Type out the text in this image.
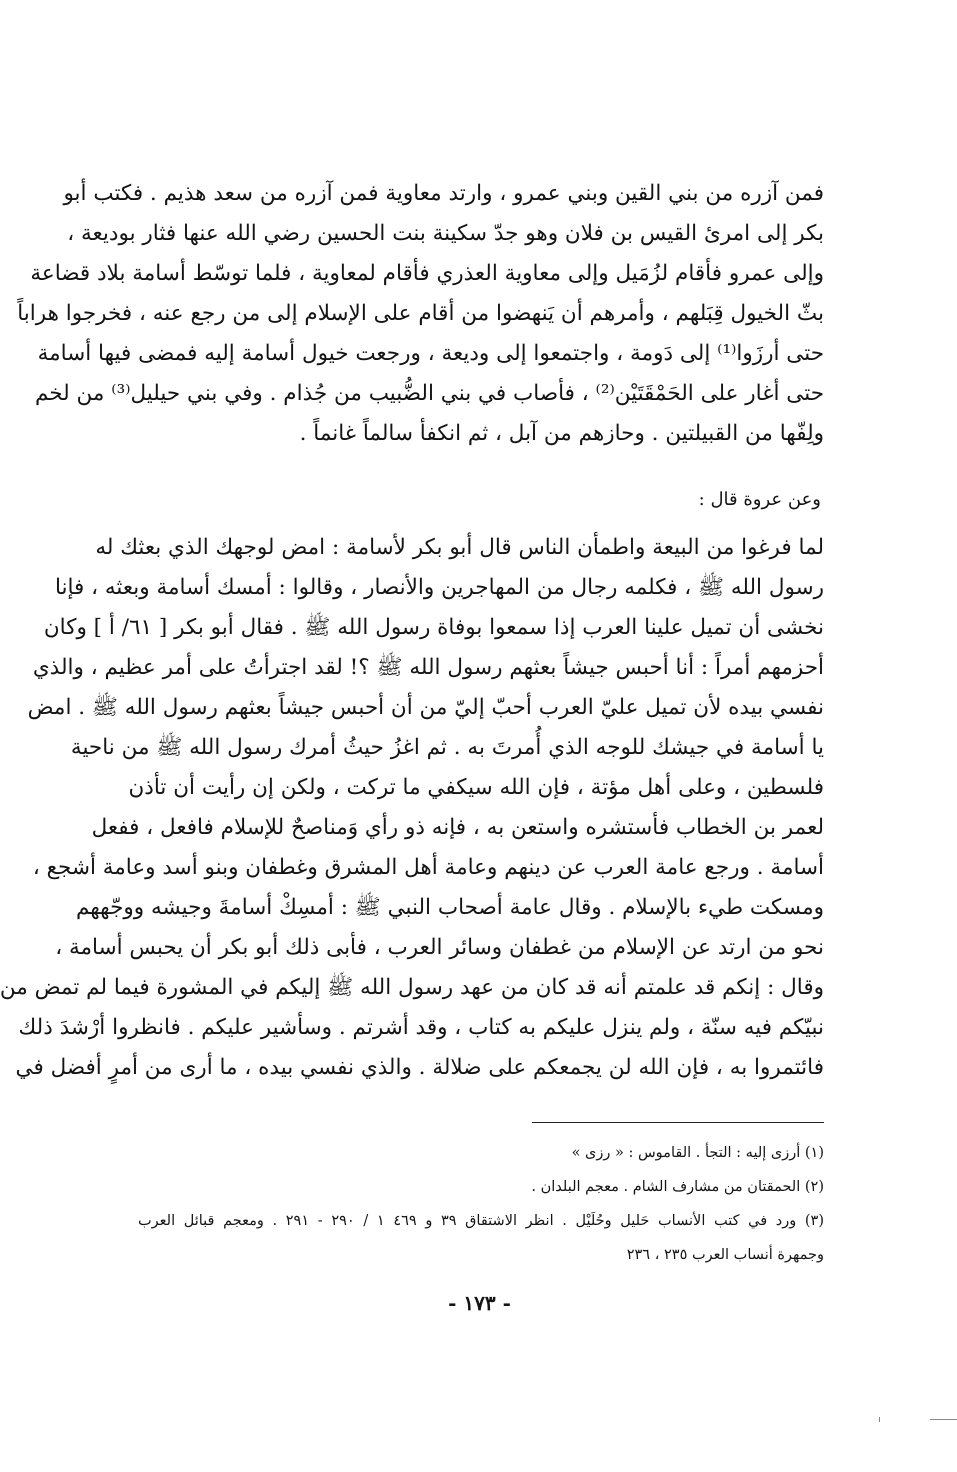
فمن آزره من بني القين وبني عمرو ، وارتد معاوية فمن آزره من سعد هذيم . فكتب أبو
بكر إلى امرئ القيس بن فلان وهو جدّ سكينة بنت الحسين رضي الله عنها فثار بوديعة ،
وإلى عمرو فأقام لزُمَيل وإلى معاوية العذري فأقام لمعاوية ، فلما توسّط أسامة بلاد قضاعة
بثّ الخيول قِبَلهم ، وأمرهم أن يَنهضوا من أقام على الإسلام إلى من رجع عنه ، فخرجوا هراباً
حتى أرزَوا⁽¹⁾ إلى دَومة ، واجتمعوا إلى وديعة ، ورجعت خيول أسامة إليه فمضى فيها أسامة
حتى أغار على الحَمْقَتَيْن⁽²⁾ ، فأصاب في بني الضُّبيب من جُذام . وفي بني حيليل⁽³⁾ من لخم
ولِفّها من القبيلتين . وحازهم من آبل ، ثم انكفأ سالماً غانماً .
وعن عروة قال :
لما فرغوا من البيعة واطمأن الناس قال أبو بكر لأسامة : امض لوجهك الذي بعثك له
رسول الله ﷺ ، فكلمه رجال من المهاجرين والأنصار ، وقالوا : أمسك أسامة وبعثه ، فإنا
نخشى أن تميل علينا العرب إذا سمعوا بوفاة رسول الله ﷺ . فقال أبو بكر [ ٦١/ أ ] وكان
أحزمهم أمراً : أنا أحبس جيشاً بعثهم رسول الله ﷺ ؟! لقد اجترأتُ على أمر عظيم ، والذي
نفسي بيده لأن تميل عليّ العرب أحبّ إليّ من أن أحبس جيشاً بعثهم رسول الله ﷺ . امض
يا أسامة في جيشك للوجه الذي أُمرتَ به . ثم اغزُ حيثُ أمرك رسول الله ﷺ من ناحية
فلسطين ، وعلى أهل مؤتة ، فإن الله سيكفي ما تركت ، ولكن إن رأيت أن تأذن
لعمر بن الخطاب فأستشره واستعن به ، فإنه ذو رأي وَمناصحٌ للإسلام فافعل ، ففعل
أسامة . ورجع عامة العرب عن دينهم وعامة أهل المشرق وغطفان وبنو أسد وعامة أشجع ،
ومسكت طيء بالإسلام . وقال عامة أصحاب النبي ﷺ : أمسِكْ أسامةَ وجيشه ووجّههم
نحو من ارتد عن الإسلام من غطفان وسائر العرب ، فأبى ذلك أبو بكر أن يحبس أسامة ،
وقال : إنكم قد علمتم أنه قد كان من عهد رسول الله ﷺ إليكم في المشورة فيما لم تمض من
نبيّكم فيه سنّة ، ولم ينزل عليكم به كتاب ، وقد أشرتم . وسأشير عليكم . فانظروا أرْشدَ ذلك
فائتمروا به ، فإن الله لن يجمعكم على ضلالة . والذي نفسي بيده ، ما أرى من أمرٍ أفضل في
(١) أرزى إليه : التجأ . القاموس : « رزى »
(٢) الحمقتان من مشارف الشام . معجم البلدان .
(٣) ورد في كتب الأنساب حَليل وحُلَيْل . انظر الاشتقاق ٣٩ و ٤٦٩ ١ / ٢٩٠ - ٢٩١ . ومعجم قبائل العرب
وجمهرة أنساب العرب ٢٣٥ ، ٢٣٦
- ١٧٣ -
